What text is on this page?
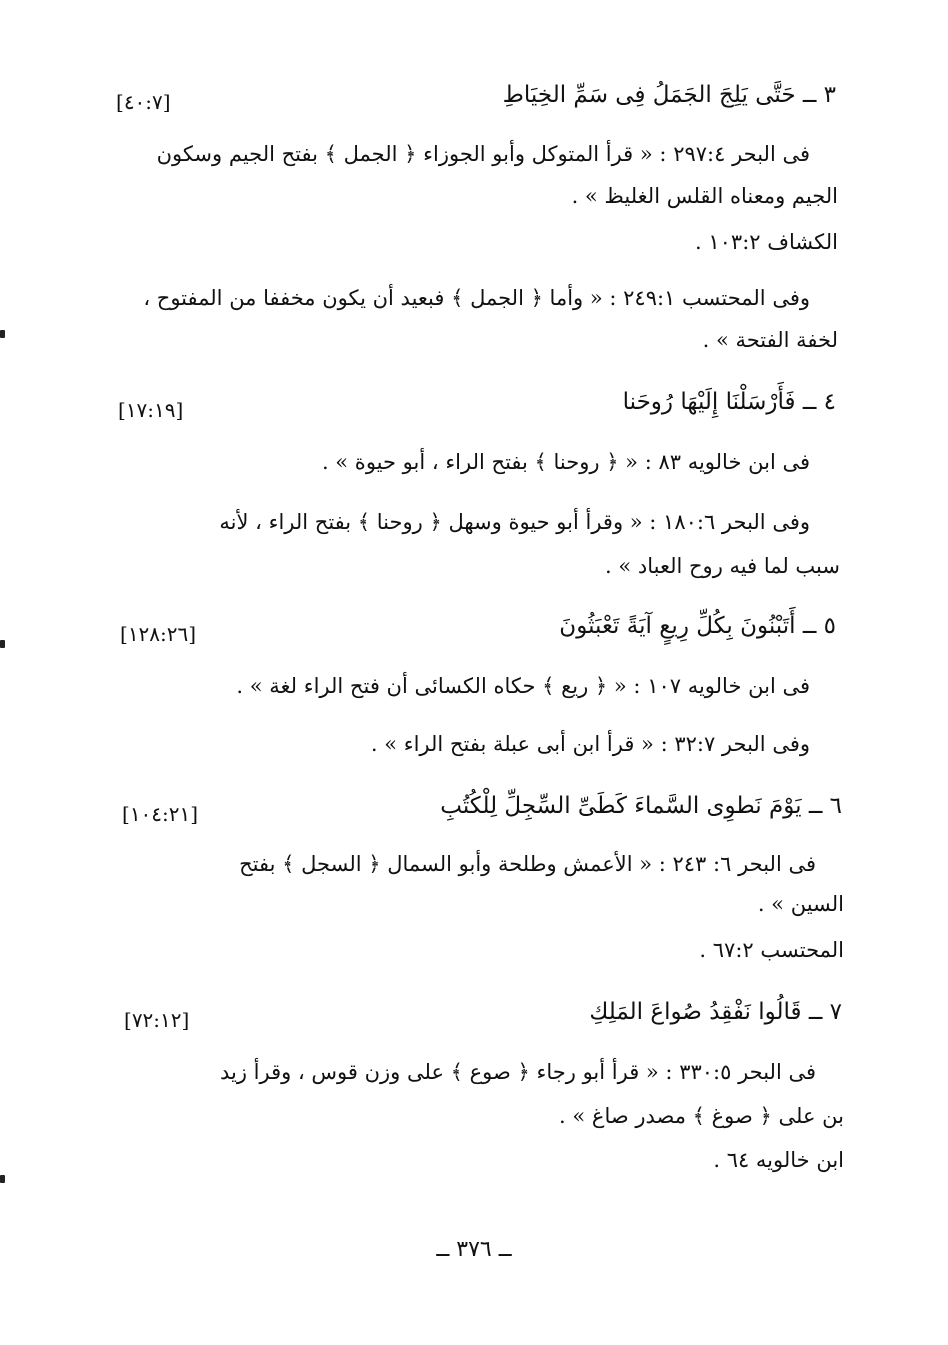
٣ ــ حَتَّى يَلِجَ الجَمَلُ فِى سَمِّ الخِيَاطِ
[٤٠:٧]
فى البحر ٢٩٧:٤ : « قرأ المتوكل وأبو الجوزاء ﴿ الجمل ﴾ بفتح الجيم وسكون
الجيم ومعناه القلس الغليظ » .
الكشاف ١٠٣:٢ .
وفى المحتسب ٢٤٩:١ : « وأما ﴿ الجمل ﴾ فبعيد أن يكون مخففا من المفتوح ،
لخفة الفتحة » .
٤ ــ فَأَرْسَلْنَا إِلَيْهَا رُوحَنا
[١٧:١٩]
فى ابن خالويه ٨٣ : « ﴿ روحنا ﴾ بفتح الراء ، أبو حيوة » .
وفى البحر ١٨٠:٦ : « وقرأ أبو حيوة وسهل ﴿ روحنا ﴾ بفتح الراء ، لأنه
سبب لما فيه روح العباد » .
٥ ــ أَتَبْنُونَ بِكُلِّ رِيعٍ آيَةً تَعْبَثُونَ
[١٢٨:٢٦]
فى ابن خالويه ١٠٧ : « ﴿ ريع ﴾ حكاه الكسائى أن فتح الراء لغة » .
وفى البحر ٣٢:٧ : « قرأ ابن أبى عبلة بفتح الراء » .
٦ ــ يَوْمَ نَطوِى السَّماءَ كَطَىِّ السِّجِلِّ لِلْكُتُبِ
[١٠٤:٢١]
فى البحر ٦: ٢٤٣ : « الأعمش وطلحة وأبو السمال ﴿ السجل ﴾ بفتح
السين » .
المحتسب ٦٧:٢ .
٧ ــ قَالُوا نَفْقِدُ صُواعَ المَلِكِ
[٧٢:١٢]
فى البحر ٣٣٠:٥ : « قرأ أبو رجاء ﴿ صوع ﴾ على وزن قوس ، وقرأ زيد
بن على ﴿ صوغ ﴾ مصدر صاغ » .
ابن خالويه ٦٤ .
ــ ٣٧٦ ــ
